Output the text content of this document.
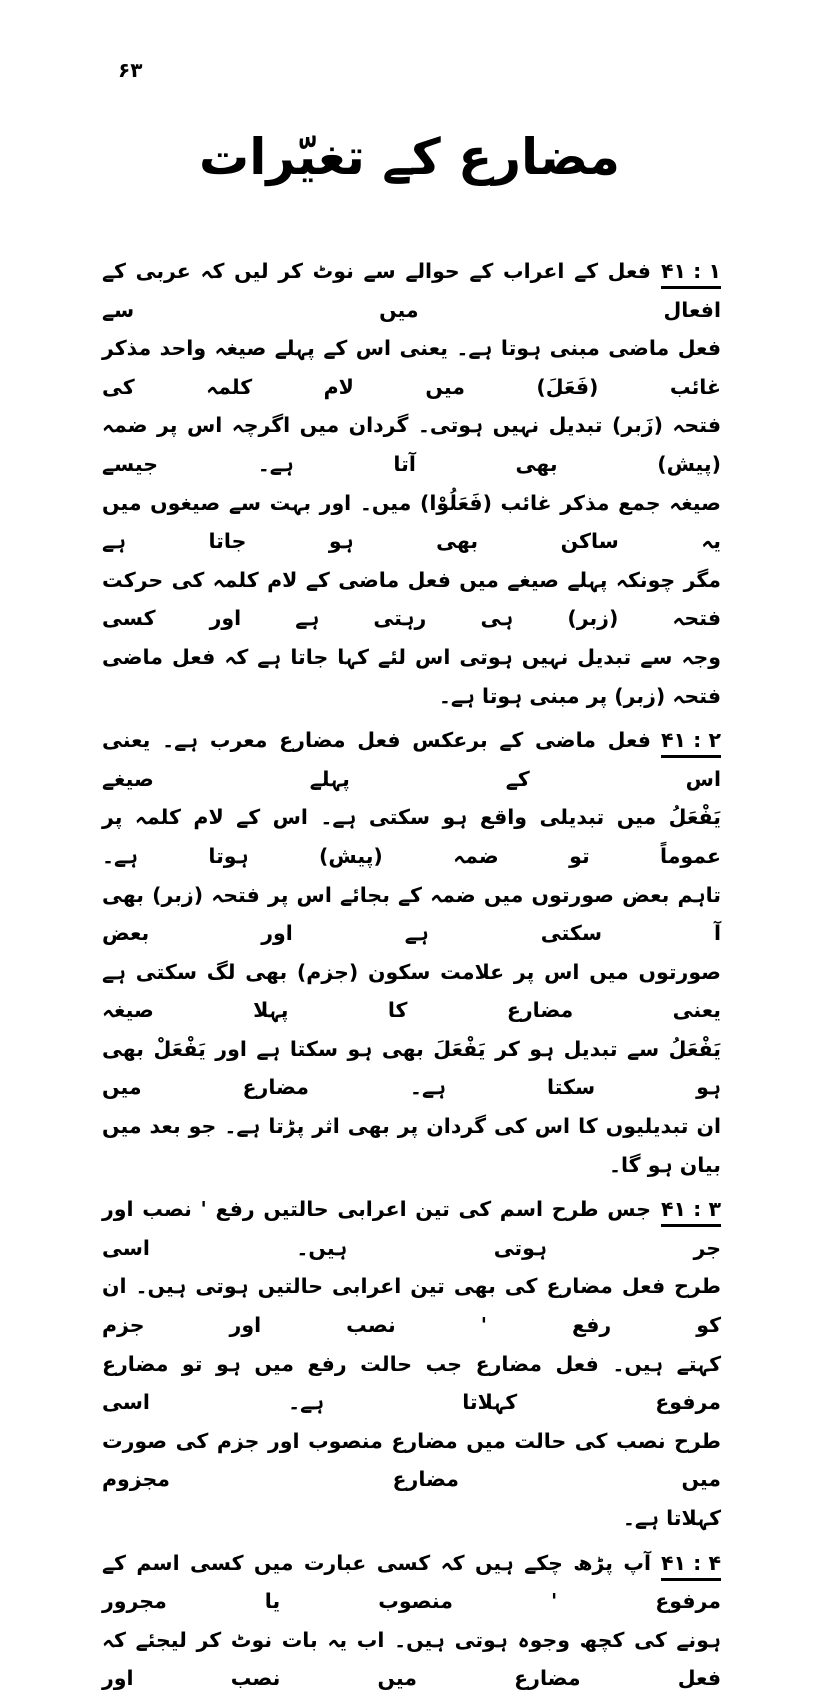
۶۳
مضارع کے تغیّرات
۴۱ : ۱فعل کے اعراب کے حوالے سے نوٹ کر لیں کہ عربی کے افعال میں سے
فعل ماضی مبنی ہوتا ہے۔ یعنی اس کے پہلے صیغہ واحد مذکر غائب (فَعَلَ) میں لام کلمہ کی
فتحہ (زَبر) تبدیل نہیں ہوتی۔ گردان میں اگرچہ اس پر ضمہ (پیش) بھی آتا ہے۔ جیسے
صیغہ جمع مذکر غائب (فَعَلُوْا) میں۔ اور بہت سے صیغوں میں یہ ساکن بھی ہو جاتا ہے
مگر چونکہ پہلے صیغے میں فعل ماضی کے لام کلمہ کی حرکت فتحہ (زبر) ہی رہتی ہے اور کسی
وجہ سے تبدیل نہیں ہوتی اس لئے کہا جاتا ہے کہ فعل ماضی فتحہ (زبر) پر مبنی ہوتا ہے۔
۴۱ : ۲فعل ماضی کے برعکس فعل مضارع معرب ہے۔ یعنی اس کے پہلے صیغے
یَفْعَلُ میں تبدیلی واقع ہو سکتی ہے۔ اس کے لام کلمہ پر عموماً تو ضمہ (پیش) ہوتا ہے۔
تاہم بعض صورتوں میں ضمہ کے بجائے اس پر فتحہ (زبر) بھی آ سکتی ہے اور بعض
صورتوں میں اس پر علامت سکون (جزم) بھی لگ سکتی ہے یعنی مضارع کا پہلا صیغہ
یَفْعَلُ سے تبدیل ہو کر یَفْعَلَ بھی ہو سکتا ہے اور یَفْعَلْ بھی ہو سکتا ہے۔ مضارع میں
ان تبدیلیوں کا اس کی گردان پر بھی اثر پڑتا ہے۔ جو بعد میں بیان ہو گا۔
۴۱ : ۳جس طرح اسم کی تین اعرابی حالتیں رفع ' نصب اور جر ہوتی ہیں۔ اسی
طرح فعل مضارع کی بھی تین اعرابی حالتیں ہوتی ہیں۔ ان کو رفع ' نصب اور جزم
کہتے ہیں۔ فعل مضارع جب حالت رفع میں ہو تو مضارع مرفوع کہلاتا ہے۔ اسی
طرح نصب کی حالت میں مضارع منصوب اور جزم کی صورت میں مضارع مجزوم
کہلاتا ہے۔
۴۱ : ۴آپ پڑھ چکے ہیں کہ کسی عبارت میں کسی اسم کے مرفوع ' منصوب یا مجرور
ہونے کی کچھ وجوہ ہوتی ہیں۔ اب یہ بات نوٹ کر لیجئے کہ فعل مضارع میں نصب اور
